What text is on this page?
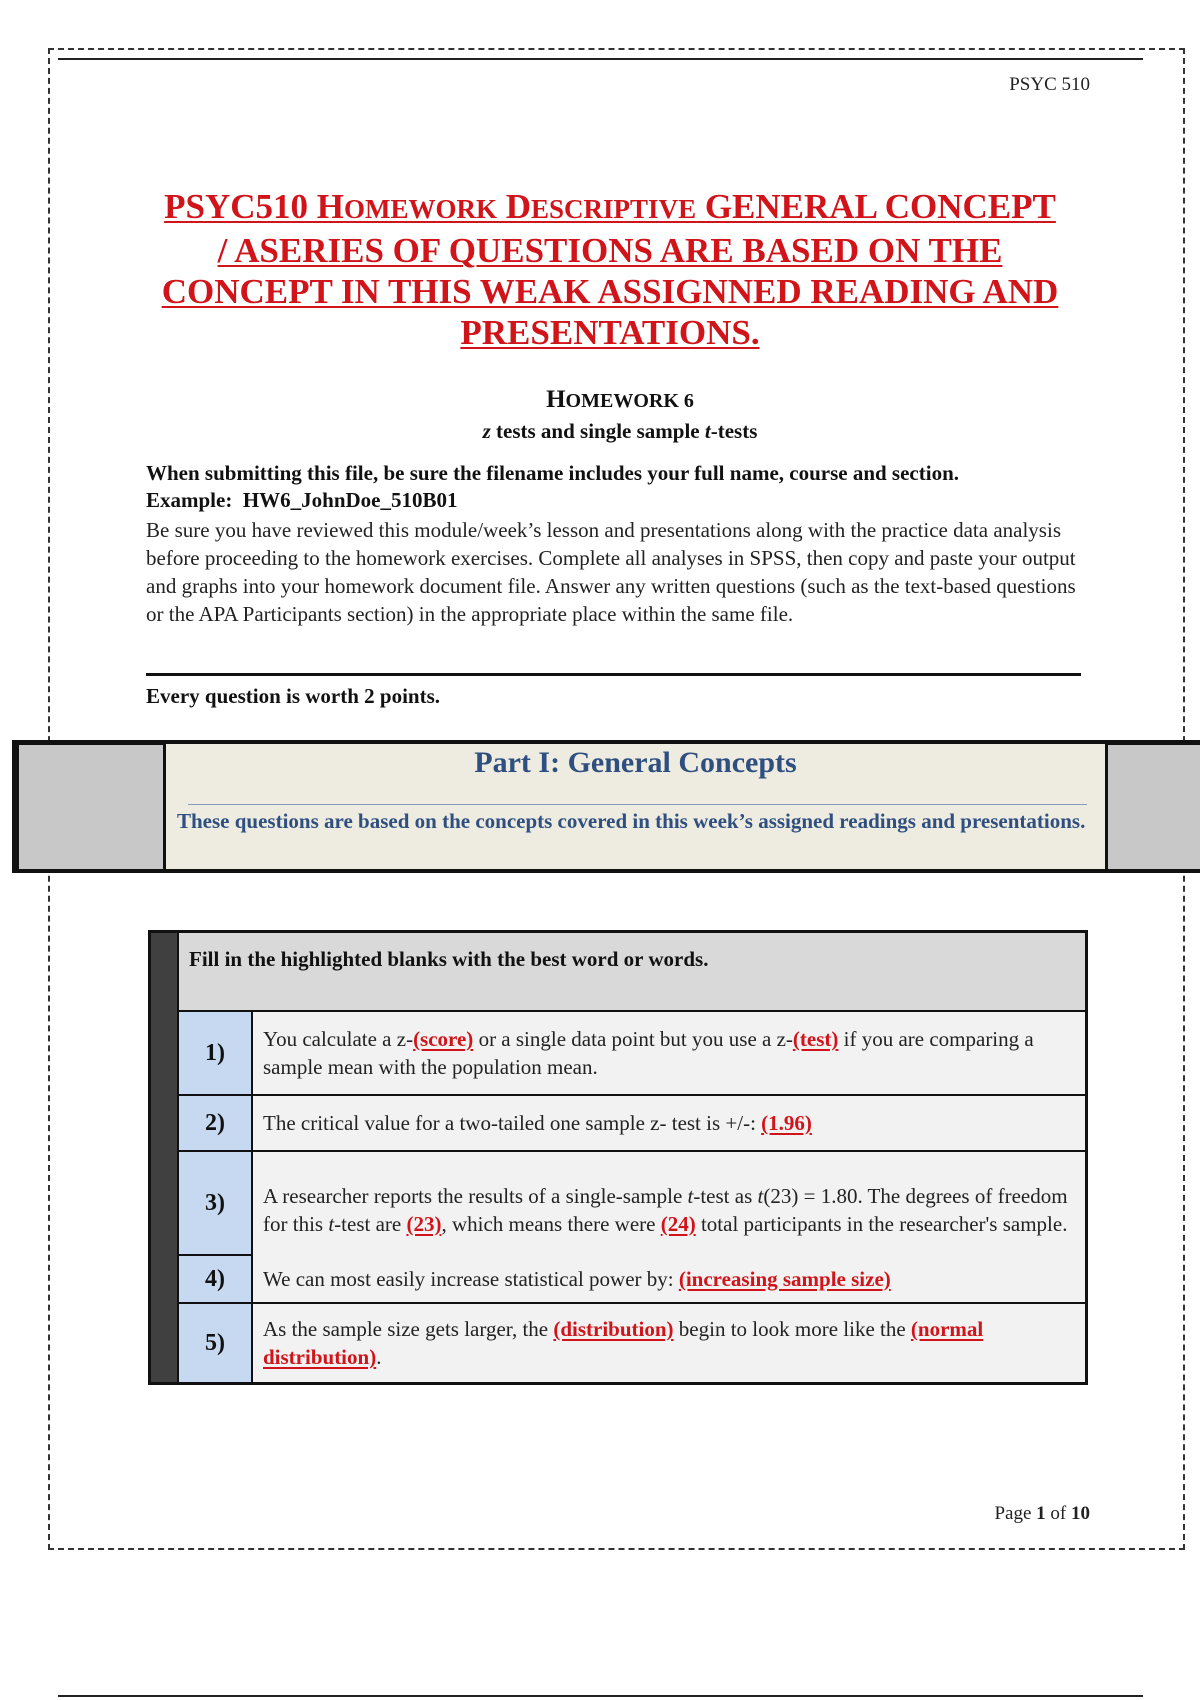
PSYC 510
PSYC510 HOMEWORK DESCRIPTIVE GENERAL CONCEPT
/ ASERIES OF QUESTIONS ARE BASED ON THE
CONCEPT IN THIS WEAK ASSIGNNED READING AND
PRESENTATIONS.
HOMEWORK 6
z tests and single sample t-tests
When submitting this file, be sure the filename includes your full name, course and section.
Example: HW6_JohnDoe_510B01
Be sure you have reviewed this module/week’s lesson and presentations along with the practice data analysis before proceeding to the homework exercises. Complete all analyses in SPSS, then copy and paste your output and graphs into your homework document file. Answer any written questions (such as the text-based questions or the APA Participants section) in the appropriate place within the same file.
Every question is worth 2 points.
Part I: General Concepts
These questions are based on the concepts covered in this week’s assigned readings and presentations.
	Fill in the highlighted blanks with the best word or words.	
	1)	You calculate a z-(score) or a single data point but you use a z-(test) if you are comparing a sample mean with the population mean.
	2)	The critical value for a two-tailed one sample z- test is +/-: (1.96)
	3)	A researcher reports the results of a single-sample t-test as t(23) = 1.80. The degrees of freedom for this t-test are (23), which means there were (24) total participants in the researcher's sample.
	4)	We can most easily increase statistical power by: (increasing sample size)
	5)	As the sample size gets larger, the (distribution) begin to look more like the (normal distribution).
Page 1 of 10
